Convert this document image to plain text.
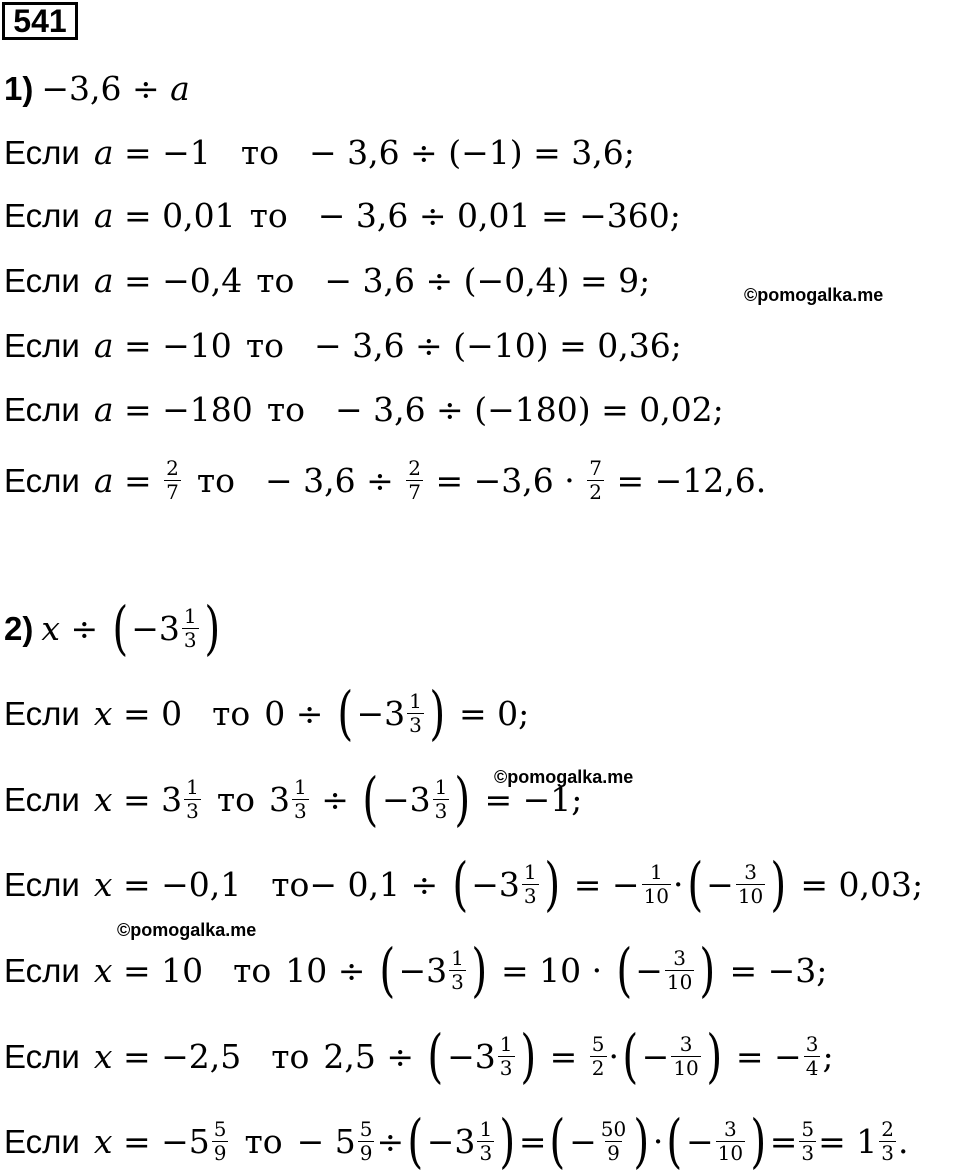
541
1) −3,6 ÷ a
Если a = −1 то − 3,6 ÷ (−1) = 3,6;
Если a = 0,01 то − 3,6 ÷ 0,01 = −360;
Если a = −0,4 то − 3,6 ÷ (−0,4) = 9;
Если a = −10 то − 3,6 ÷ (−10) = 0,36;
Если a = −180 то − 3,6 ÷ (−180) = 0,02;
Если a = 2
7 то − 3,6 ÷ 2
$7 = -3,6 \cdot \frac{7}{2}$
= −12,6.
©pomogalka.me
2) x ÷ ( −3 1
3 )
Если x = 0 то 0 ÷ ( −3 1
3 )
= 0;
Если x = 3 1
3 то 3 1
3 ÷ ( −3 1
3 )
= −1;
©pomogalka.me
Если x = −0,1 то − 0,1 ÷ ( −3 1
3 ) = − 1
10 · ( − 3
10 )
= 0,03;
©pomogalka.me
Если x = 10 то 10 ÷ ( −3 1
3 ) = 10 · ( − 3
10 )
= −3;
Если x = −2,5 то 2,5 ÷ ( −3 1
3 ) = 5
2 · ( − 3
10 ) = − 3
4 ;
Если x = −5 5
9 то − 5 5
9 ÷ ( −3 1
3 ) = ( − 50
9 ) · ( − 3
10 ) = 5
3 = 1 2
3 .
